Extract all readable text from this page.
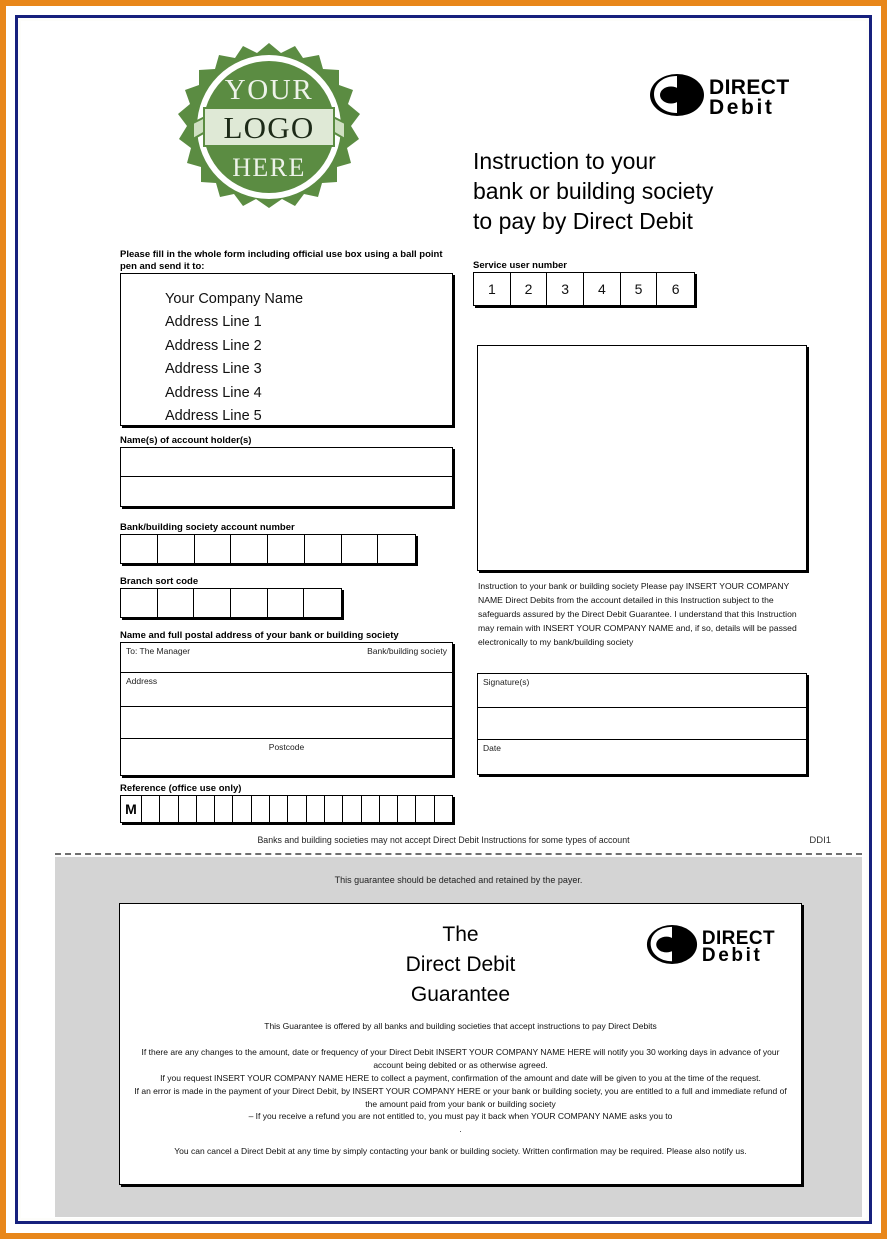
YOUR
LOGO
HERE
DIRECT
Debit
Instruction to your
bank or building society
to pay by Direct Debit
Please fill in the whole form including official use box using a ball point pen and send it to:
Your Company Name
Address Line 1
Address Line 2
Address Line 3
Address Line 4
Address Line 5
Name(s) of account holder(s)
Bank/building society account number
Branch sort code
Name and full postal address of your bank or building society
To: The Manager	Bank/building society
Address
Postcode
Reference (office use only)
M
Service user number
1	2	3	4	5	6
Instruction to your bank or building society Please pay INSERT YOUR COMPANY NAME Direct Debits from the account detailed in this Instruction subject to the safeguards assured by the Direct Debit Guarantee. I understand that this Instruction may remain with INSERT YOUR COMPANY NAME and, if so, details will be passed electronically to my bank/building society
Signature(s)
Date
Banks and building societies may not accept Direct Debit Instructions for some types of account	DDI1
This guarantee should be detached and retained by the payer.
The
Direct Debit
Guarantee
DIRECT
Debit

This Guarantee is offered by all banks and building societies that accept instructions to pay Direct Debits

If there are any changes to the amount, date or frequency of your Direct Debit INSERT YOUR COMPANY NAME HERE will notify you 30 working days in advance of your account being debited or as otherwise agreed.

If you request INSERT YOUR COMPANY NAME HERE to collect a payment, confirmation of the amount and date will be given to you at the time of the request.

If an error is made in the payment of your Direct Debit, by INSERT YOUR COMPANY HERE or your bank or building society, you are entitled to a full and immediate refund of the amount paid from your bank or building society

– If you receive a refund you are not entitled to, you must pay it back when YOUR COMPANY NAME asks you to

.

You can cancel a Direct Debit at any time by simply contacting your bank or building society. Written confirmation may be required. Please also notify us.
